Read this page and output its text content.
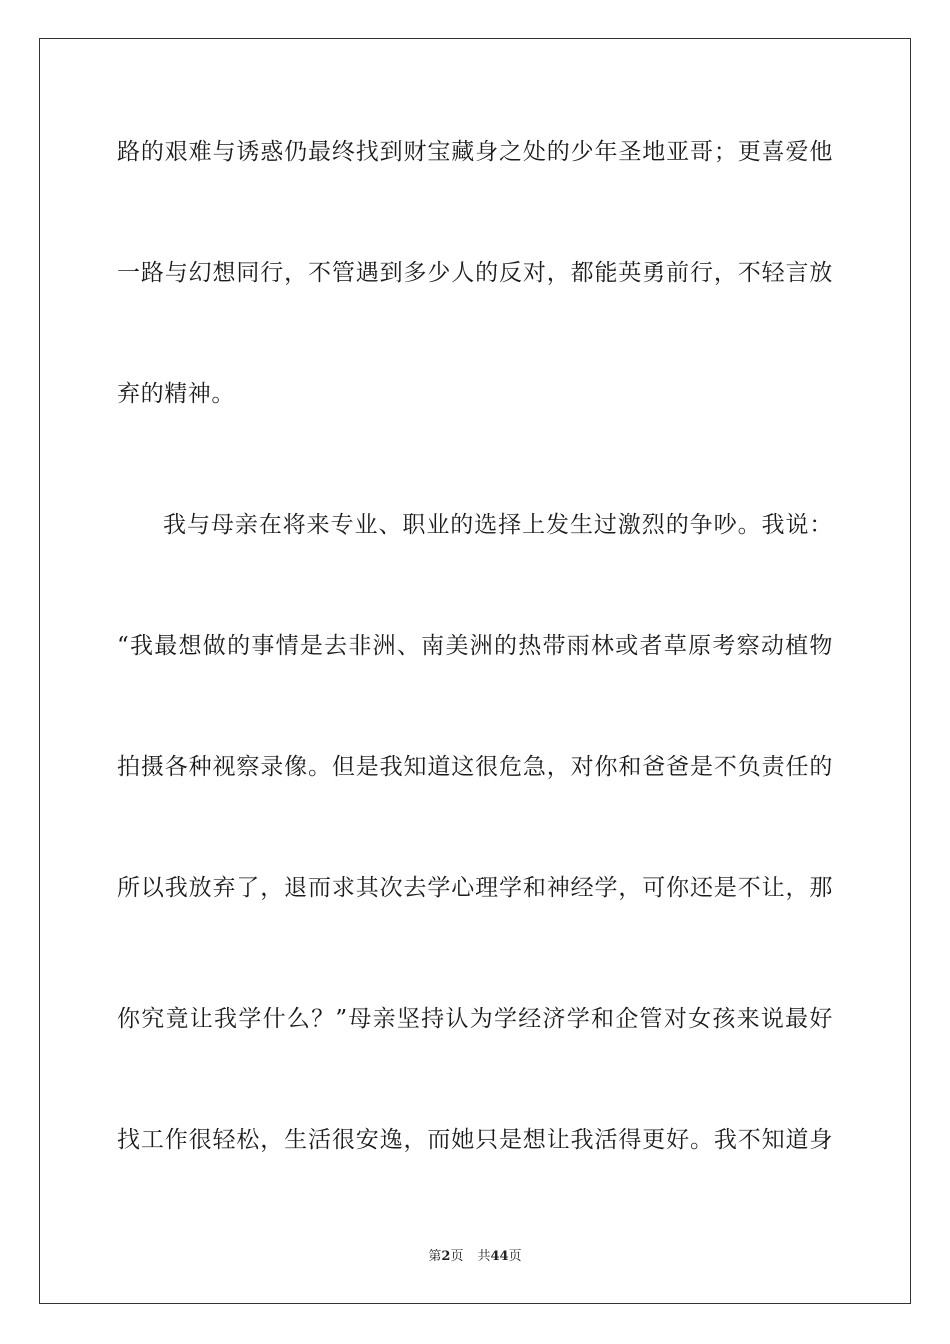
路的艰难与诱惑仍最终找到财宝藏身之处的少年圣地亚哥；更喜爱他
一路与幻想同行，不管遇到多少人的反对，都能英勇前行，不轻言放
弃的精神。
我与母亲在将来专业、职业的选择上发生过激烈的争吵。我说：
“我最想做的事情是去非洲、南美洲的热带雨林或者草原考察动植物
拍摄各种视察录像。但是我知道这很危急，对你和爸爸是不负责任的
所以我放弃了，退而求其次去学心理学和神经学，可你还是不让，那
你究竟让我学什么？”母亲坚持认为学经济学和企管对女孩来说最好
找工作很轻松，生活很安逸，而她只是想让我活得更好。我不知道身
第2页 共44页
